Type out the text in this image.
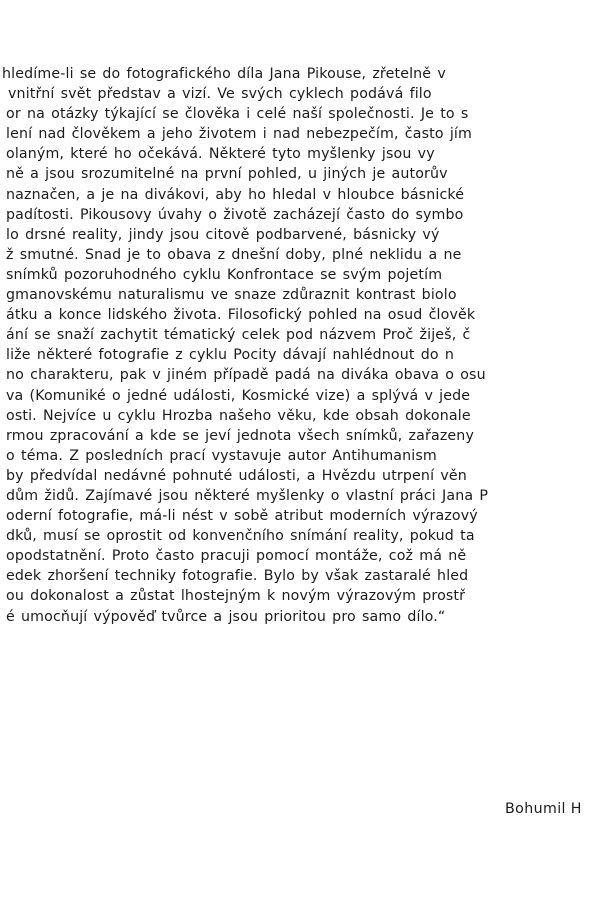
hledíme-li se do fotografického díla Jana Pikouse, zřetelně v
vnitřní svět představ a vizí. Ve svých cyklech podává filo
or na otázky týkající se člověka i celé naší společnosti. Je to s
lení nad člověkem a jeho životem i nad nebezpečím, často jím
olaným, které ho očekává. Některé tyto myšlenky jsou vy
ně a jsou srozumitelné na první pohled, u jiných je autorův
naznačen, a je na divákovi, aby ho hledal v hloubce básnické
padítosti. Pikousovy úvahy o životě zacházejí často do symbo
lo drsné reality, jindy jsou citově podbarvené, básnicky vý
ž smutné. Snad je to obava z dnešní doby, plné neklidu a ne
snímků pozoruhodného cyklu Konfrontace se svým pojetím
gmanovskému naturalismu ve snaze zdůraznit kontrast biolo
átku a konce lidského života. Filosofický pohled na osud člověk
ání se snaží zachytit tématický celek pod názvem Proč žiješ, č
liže některé fotografie z cyklu Pocity dávají nahlédnout do n
no charakteru, pak v jiném případě padá na diváka obava o osu
va (Komuniké o jedné události, Kosmické vize) a splývá v jede
osti. Nejvíce u cyklu Hrozba našeho věku, kde obsah dokonale
rmou zpracování a kde se jeví jednota všech snímků, zařazeny
o téma. Z posledních prací vystavuje autor Antihumanism
by předvídal nedávné pohnuté události, a Hvězdu utrpení věn
dům židů. Zajímavé jsou některé myšlenky o vlastní práci Jana P
oderní fotografie, má-li nést v sobě atribut moderních výrazový
dků, musí se oprostit od konvenčního snímání reality, pokud ta
opodstatnění. Proto často pracuji pomocí montáže, což má ně
edek zhoršení techniky fotografie. Bylo by však zastaralé hled
ou dokonalost a zůstat lhostejným k novým výrazovým prostř
é umocňují výpověď tvůrce a jsou prioritou pro samo dílo.“
Bohumil H
